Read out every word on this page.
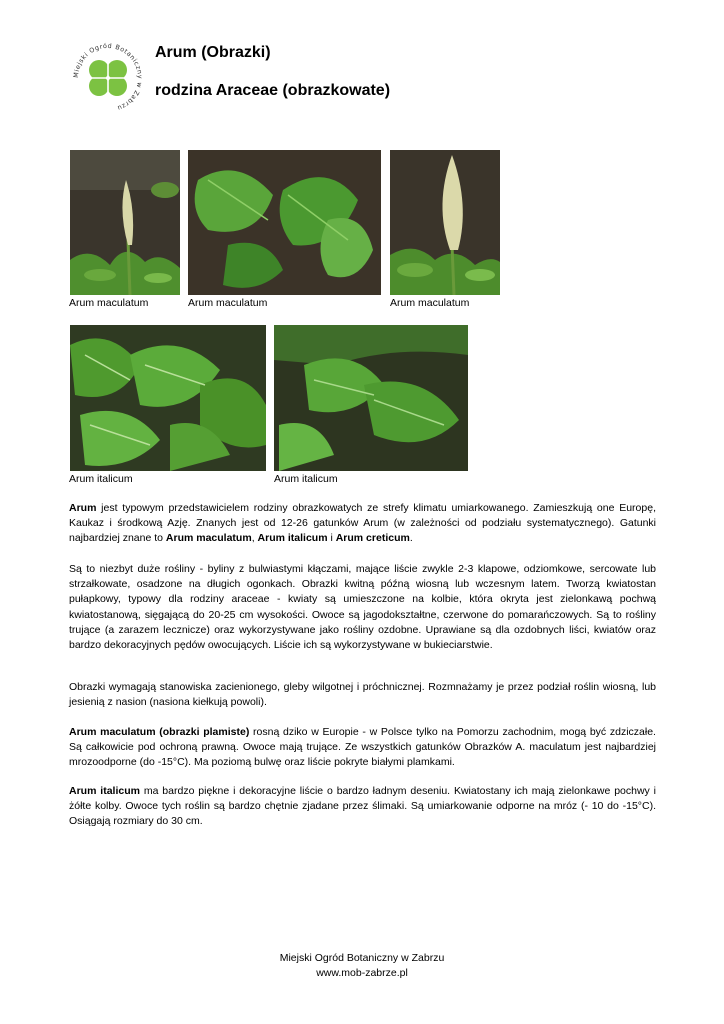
Miejski Ogród Botaniczny w Zabrzu
Arum (Obrazki)
rodzina Araceae (obrazkowate)
Arum maculatum	Arum maculatum	Arum maculatum
Arum italicum	Arum italicum

Arum jest typowym przedstawicielem rodziny obrazkowatych ze strefy klimatu umiarkowanego. Zamieszkują one Europę, Kaukaz i środkową Azję. Znanych jest od 12-26 gatunków Arum (w zależności od podziału systematycznego). Gatunki najbardziej znane to Arum maculatum, Arum italicum i Arum creticum.

Są to niezbyt duże rośliny - byliny z bulwiastymi kłączami, mające liście zwykle 2-3 klapowe, odziomkowe, sercowate lub strzałkowate, osadzone na długich ogonkach. Obrazki kwitną późną wiosną lub wczesnym latem. Tworzą kwiatostan pułapkowy, typowy dla rodziny araceae - kwiaty są umieszczone na kolbie, która okryta jest zielonkawą pochwą kwiatostanową, sięgającą do 20-25 cm wysokości. Owoce są jagodokształtne, czerwone do pomarańczowych. Są to rośliny trujące (a zarazem lecznicze) oraz wykorzystywane jako rośliny ozdobne. Uprawiane są dla ozdobnych liści, kwiatów oraz bardzo dekoracyjnych pędów owocujących. Liście ich są wykorzystywane w bukieciarstwie.

Obrazki wymagają stanowiska zacienionego, gleby wilgotnej i próchnicznej. Rozmnażamy je przez podział roślin wiosną, lub jesienią z nasion (nasiona kiełkują powoli).

Arum maculatum (obrazki plamiste) rosną dziko w Europie - w Polsce tylko na Pomorzu zachodnim, mogą być zdziczałe. Są całkowicie pod ochroną prawną. Owoce mają trujące. Ze wszystkich gatunków Obrazków A. maculatum jest najbardziej mrozoodporne (do -15°C). Ma poziomą bulwę oraz liście pokryte białymi plamkami.

Arum italicum ma bardzo piękne i dekoracyjne liście o bardzo ładnym deseniu. Kwiatostany ich mają zielonkawe pochwy i żółte kolby. Owoce tych roślin są bardzo chętnie zjadane przez ślimaki. Są umiarkowanie odporne na mróz (- 10 do -15°C). Osiągają rozmiary do 30 cm.

Miejski Ogród Botaniczny w Zabrzu
www.mob-zabrze.pl
